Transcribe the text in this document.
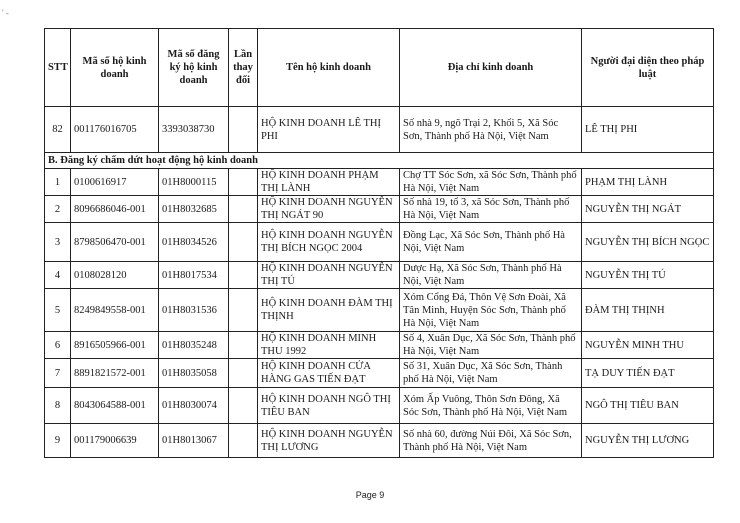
' -
STT	Mã số hộ kinh doanh	Mã số đăng ký hộ kinh doanh	Lần thay đổi	Tên hộ kinh doanh	Địa chỉ kinh doanh	Người đại diện theo pháp luật
82	001176016705	3393038730		HỘ KINH DOANH LÊ THỊ PHI	Số nhà 9, ngõ Trại 2, Khối 5, Xã Sóc Sơn, Thành phố Hà Nội, Việt Nam	LÊ THỊ PHI
B. Đăng ký chấm dứt hoạt động hộ kinh doanh						
1	0100616917	01H8000115		HỘ KINH DOANH PHẠM THỊ LÀNH	Chợ TT Sóc Sơn, xã Sóc Sơn, Thành phố Hà Nội, Việt Nam	PHẠM THỊ LÀNH
2	8096686046-001	01H8032685		HỘ KINH DOANH NGUYỄN THỊ NGÁT 90	Số nhà 19, tổ 3, xã Sóc Sơn, Thành phố Hà Nội, Việt Nam	NGUYỄN THỊ NGÁT
3	8798506470-001	01H8034526		HỘ KINH DOANH NGUYỄN THỊ BÍCH NGỌC 2004	Đồng Lạc, Xã Sóc Sơn, Thành phố Hà Nội, Việt Nam	NGUYỄN THỊ BÍCH NGỌC
4	0108028120	01H8017534		HỘ KINH DOANH NGUYỄN THỊ TÚ	Dược Hạ, Xã Sóc Sơn, Thành phố Hà Nội, Việt Nam	NGUYỄN THỊ TÚ
5	8249849558-001	01H8031536		HỘ KINH DOANH ĐÀM THỊ THỊNH	Xóm Cổng Đá, Thôn Vệ Sơn Đoài, Xã Tân Minh, Huyện Sóc Sơn, Thành phố Hà Nội, Việt Nam	ĐÀM THỊ THỊNH
6	8916505966-001	01H8035248		HỘ KINH DOANH MINH THU 1992	Số 4, Xuân Dục, Xã Sóc Sơn, Thành phố Hà Nội, Việt Nam	NGUYỄN MINH THU
7	8891821572-001	01H8035058		HỘ KINH DOANH CỬA HÀNG GAS TIẾN ĐẠT	Số 31, Xuân Dục, Xã Sóc Sơn, Thành phố Hà Nội, Việt Nam	TẠ DUY TIẾN ĐẠT
8	8043064588-001	01H8030074		HỘ KINH DOANH NGÔ THỊ TIÊU BAN	Xóm Ấp Vuông, Thôn Sơn Đông, Xã Sóc Sơn, Thành phố Hà Nội, Việt Nam	NGÔ THỊ TIÊU BAN
9	001179006639	01H8013067		HỘ KINH DOANH NGUYỄN THỊ LƯƠNG	Số nhà 60, đường Núi Đôi, Xã Sóc Sơn, Thành phố Hà Nội, Việt Nam	NGUYỄN THỊ LƯƠNG
Page 9
